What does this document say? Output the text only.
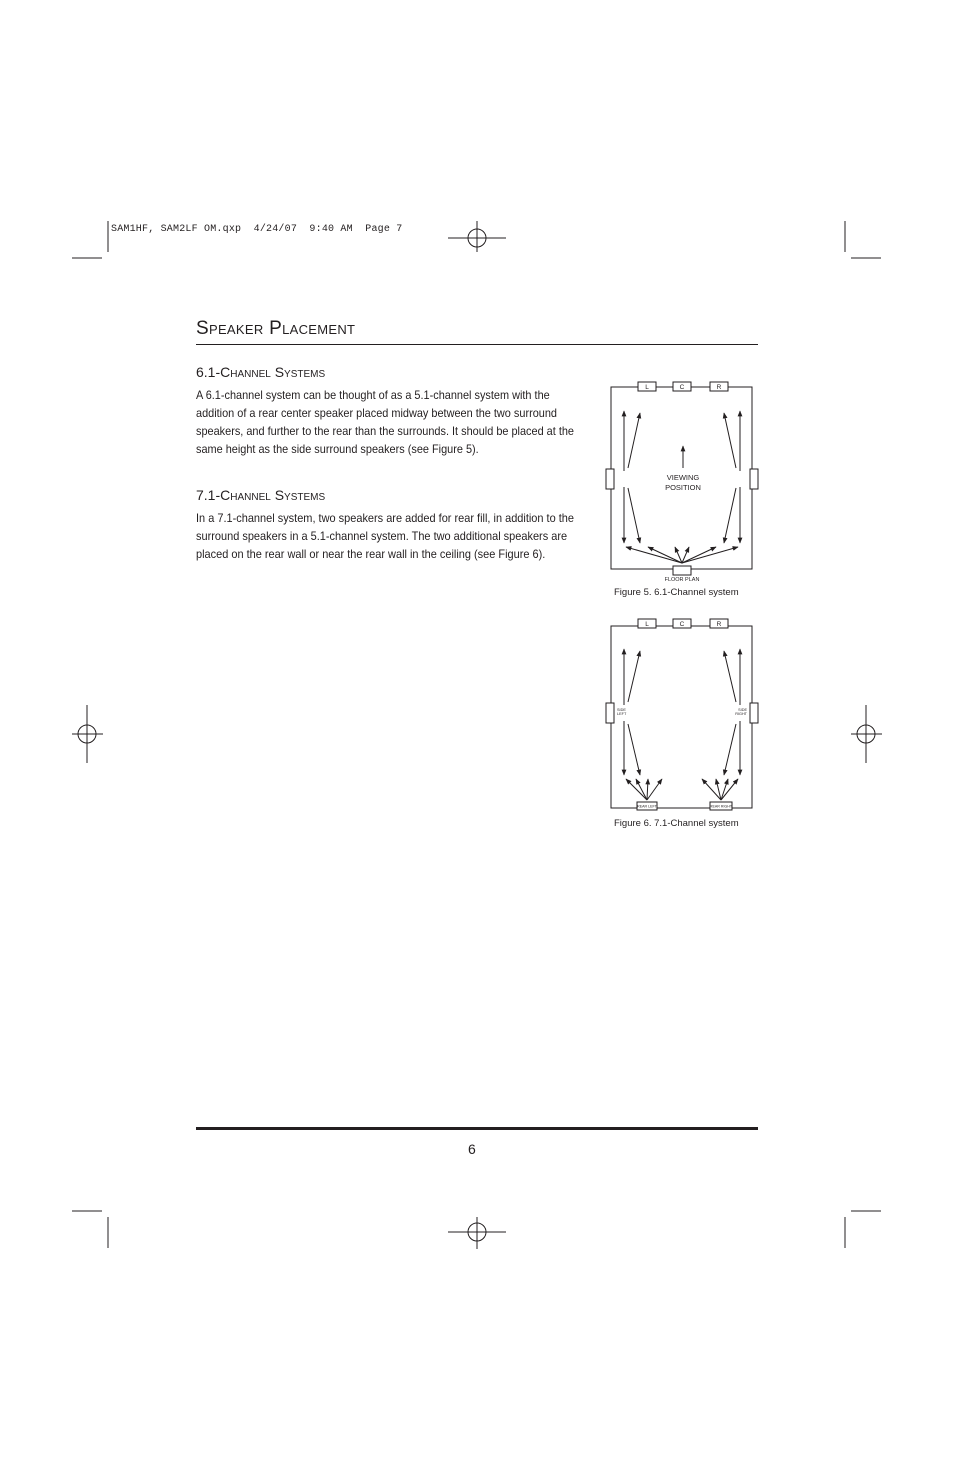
SAM1HF, SAM2LF OM.qxp  4/24/07  9:40 AM  Page 7
Speaker Placement
6.1-Channel Systems
A 6.1-channel system can be thought of as a 5.1-channel system with the
addition of a rear center speaker placed midway between the two surround
speakers, and further to the rear than the surrounds. It should be placed at the
same height as the side surround speakers (see Figure 5).
7.1-Channel Systems
In a 7.1-channel system, two speakers are added for rear fill, in addition to the
surround speakers in a 5.1-channel system. The two additional speakers are
placed on the rear wall or near the rear wall in the ceiling (see Figure 6).
L	C	R
FLOOR PLAN
VIEWING
POSITION
Figure 5. 6.1-Channel system
L	C	R
SIDE
LEFT
SIDE
RIGHT
REAR LEFT	REAR RIGHT
Figure 6. 7.1-Channel system
6
